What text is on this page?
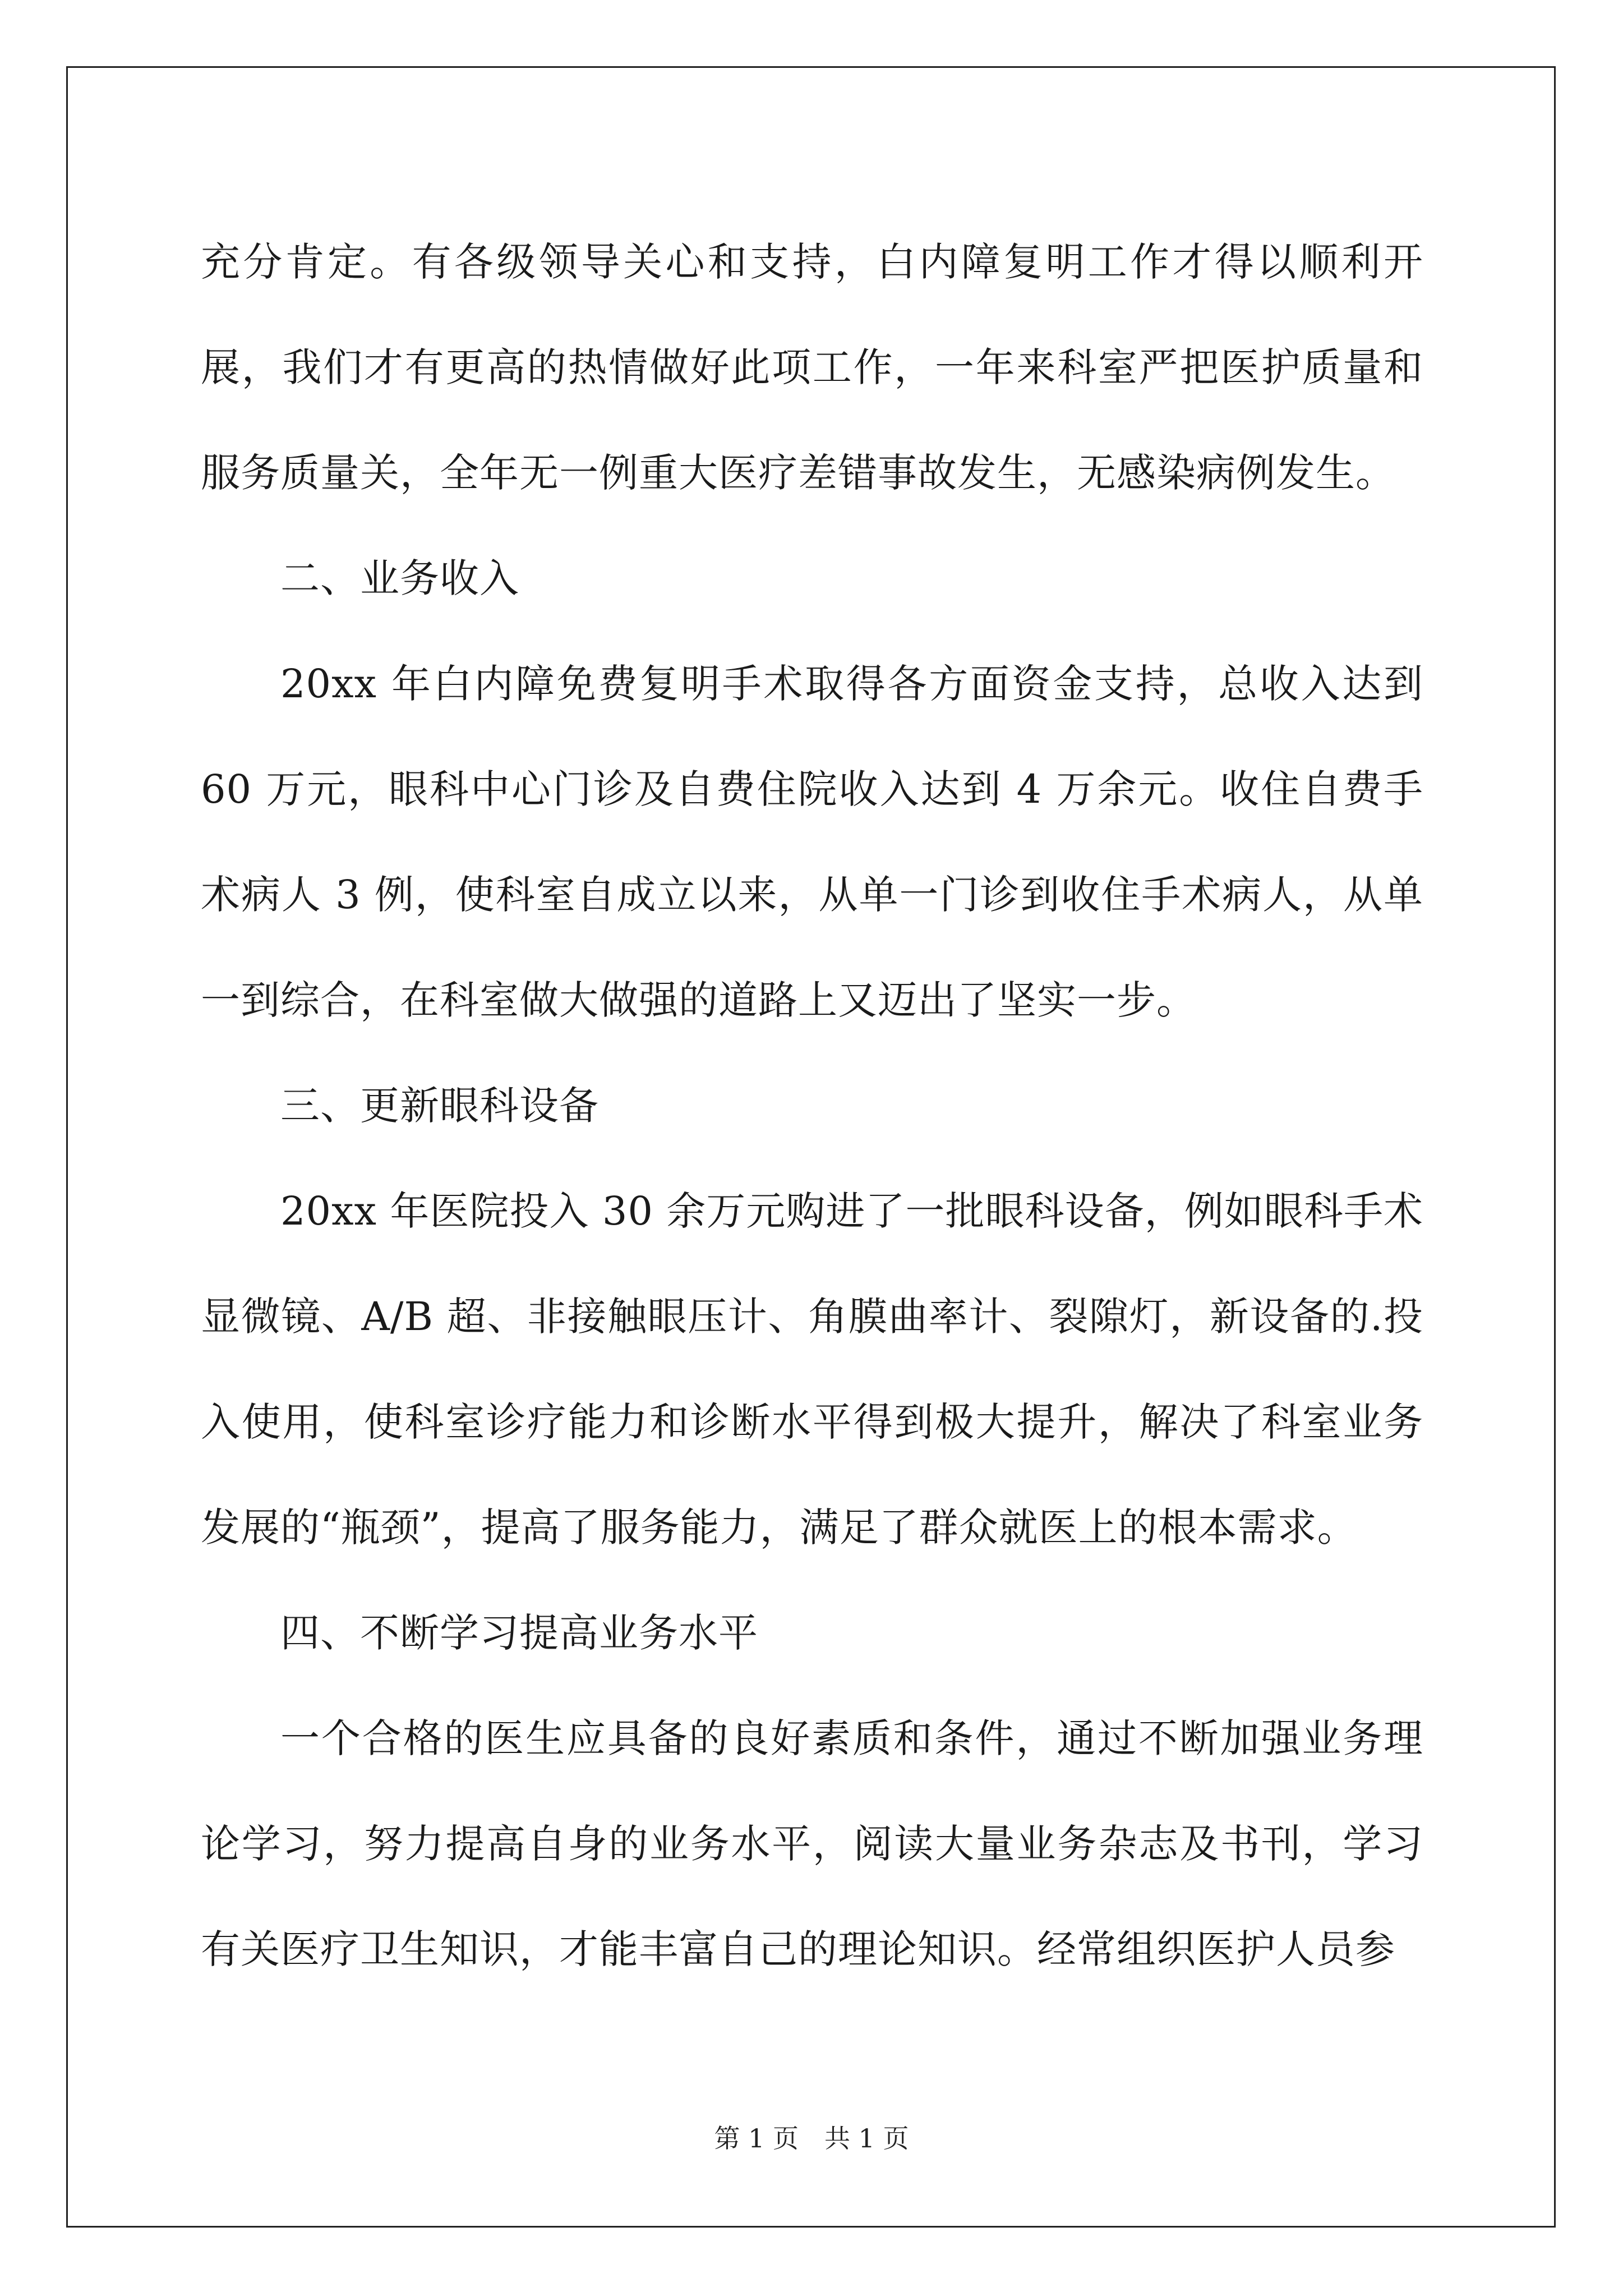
充分肯定。有各级领导关心和支持，白内障复明工作才得以顺利开展，我们才有更高的热情做好此项工作，一年来科室严把医护质量和服务质量关，全年无一例重大医疗差错事故发生，无感染病例发生。

二、业务收入

20xx 年白内障免费复明手术取得各方面资金支持，总收入达到 60 万元，眼科中心门诊及自费住院收入达到 4 万余元。收住自费手术病人 3 例，使科室自成立以来，从单一门诊到收住手术病人，从单一到综合，在科室做大做强的道路上又迈出了坚实一步。

三、更新眼科设备

20xx 年医院投入 30 余万元购进了一批眼科设备，例如眼科手术显微镜、A/B 超、非接触眼压计、角膜曲率计、裂隙灯，新设备的.投入使用，使科室诊疗能力和诊断水平得到极大提升，解决了科室业务发展的“瓶颈”，提高了服务能力，满足了群众就医上的根本需求。

四、不断学习提高业务水平

一个合格的医生应具备的良好素质和条件，通过不断加强业务理论学习，努力提高自身的业务水平，阅读大量业务杂志及书刊，学习有关医疗卫生知识，才能丰富自己的理论知识。经常组织医护人员参

第 1 页 共 1 页
